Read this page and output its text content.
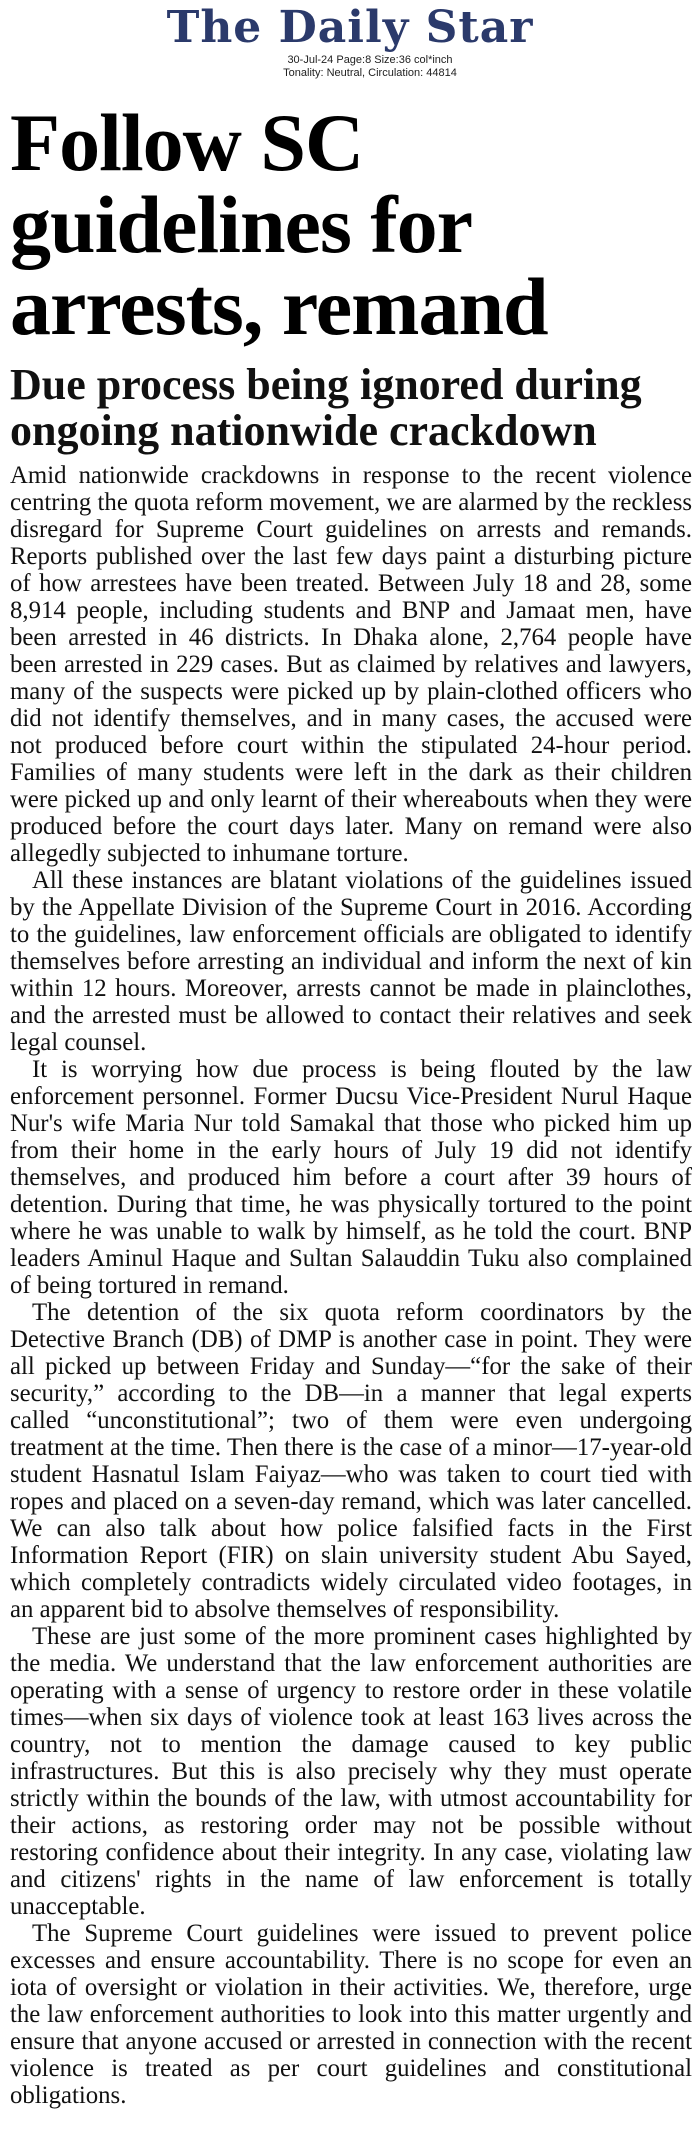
The Daily Star
30-Jul-24 Page:8 Size:36 col*inch
Tonality: Neutral, Circulation: 44814
Follow SC guidelines for arrests, remand
Due process being ignored during ongoing nationwide crackdown

Amid nationwide crackdowns in response to the recent violence centring the quota reform movement, we are alarmed by the reckless disregard for Supreme Court guidelines on arrests and remands. Reports published over the last few days paint a disturbing picture of how arrestees have been treated. Between July 18 and 28, some 8,914 people, including students and BNP and Jamaat men, have been arrested in 46 districts. In Dhaka alone, 2,764 people have been arrested in 229 cases. But as claimed by relatives and lawyers, many of the suspects were picked up by plain-clothed officers who did not identify themselves, and in many cases, the accused were not produced before court within the stipulated 24-hour period. Families of many students were left in the dark as their children were picked up and only learnt of their whereabouts when they were produced before the court days later. Many on remand were also allegedly subjected to inhumane torture.

All these instances are blatant violations of the guidelines issued by the Appellate Division of the Supreme Court in 2016. According to the guidelines, law enforcement officials are obligated to identify themselves before arresting an individual and inform the next of kin within 12 hours. Moreover, arrests cannot be made in plainclothes, and the arrested must be allowed to contact their relatives and seek legal counsel.

It is worrying how due process is being flouted by the law enforcement personnel. Former Ducsu Vice-President Nurul Haque Nur's wife Maria Nur told Samakal that those who picked him up from their home in the early hours of July 19 did not identify themselves, and produced him before a court after 39 hours of detention. During that time, he was physically tortured to the point where he was unable to walk by himself, as he told the court. BNP leaders Aminul Haque and Sultan Salauddin Tuku also complained of being tortured in remand.

The detention of the six quota reform coordinators by the Detective Branch (DB) of DMP is another case in point. They were all picked up between Friday and Sunday—“for the sake of their security,” according to the DB—in a manner that legal experts called “unconstitutional”; two of them were even undergoing treatment at the time. Then there is the case of a minor—17-year-old student Hasnatul Islam Faiyaz—who was taken to court tied with ropes and placed on a seven-day remand, which was later cancelled. We can also talk about how police falsified facts in the First Information Report (FIR) on slain university student Abu Sayed, which completely contradicts widely circulated video footages, in an apparent bid to absolve themselves of responsibility.

These are just some of the more prominent cases highlighted by the media. We understand that the law enforcement authorities are operating with a sense of urgency to restore order in these volatile times—when six days of violence took at least 163 lives across the country, not to mention the damage caused to key public infrastructures. But this is also precisely why they must operate strictly within the bounds of the law, with utmost accountability for their actions, as restoring order may not be possible without restoring confidence about their integrity. In any case, violating law and citizens' rights in the name of law enforcement is totally unacceptable.

The Supreme Court guidelines were issued to prevent police excesses and ensure accountability. There is no scope for even an iota of oversight or violation in their activities. We, therefore, urge the law enforcement authorities to look into this matter urgently and ensure that anyone accused or arrested in connection with the recent violence is treated as per court guidelines and constitutional obligations.
